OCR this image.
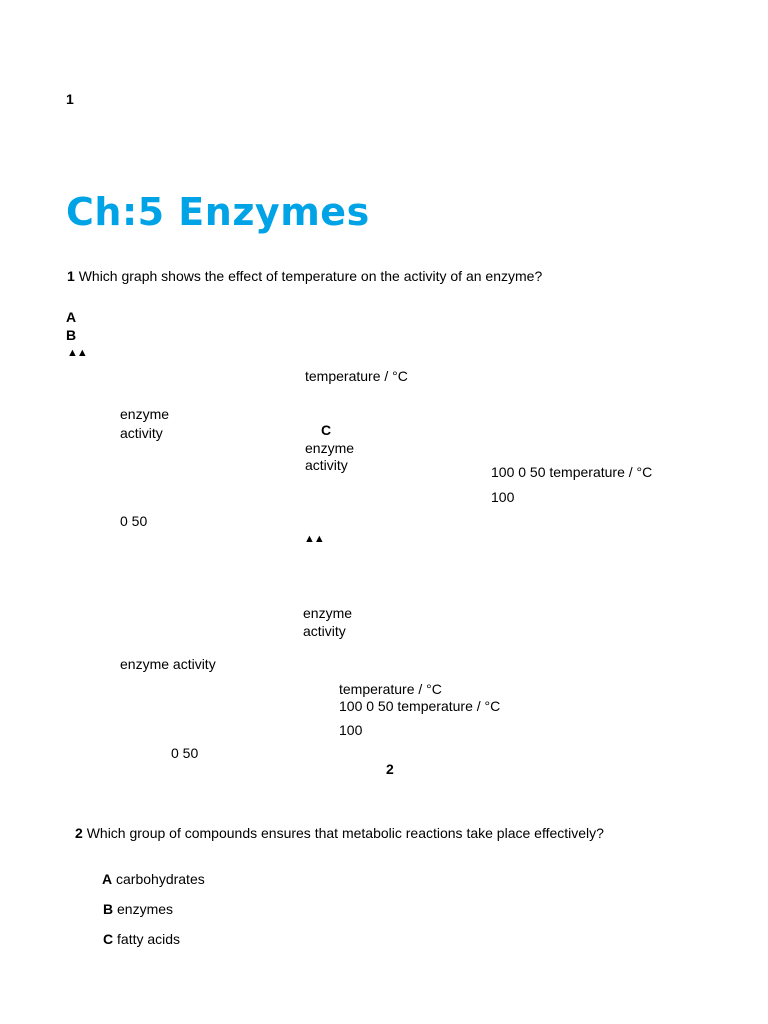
1
Ch:5 Enzymes
1 Which graph shows the effect of temperature on the activity of an enzyme?
A
B
▲▲
temperature / °C
enzyme
activity	C
enzyme
activity	100 0 50 temperature / °C
100
0 50
▲▲
enzyme
activity
enzyme activity
temperature / °C
100 0 50 temperature / °C
100
0 50
2
2 Which group of compounds ensures that metabolic reactions take place effectively?
A carbohydrates
B enzymes
C fatty acids
